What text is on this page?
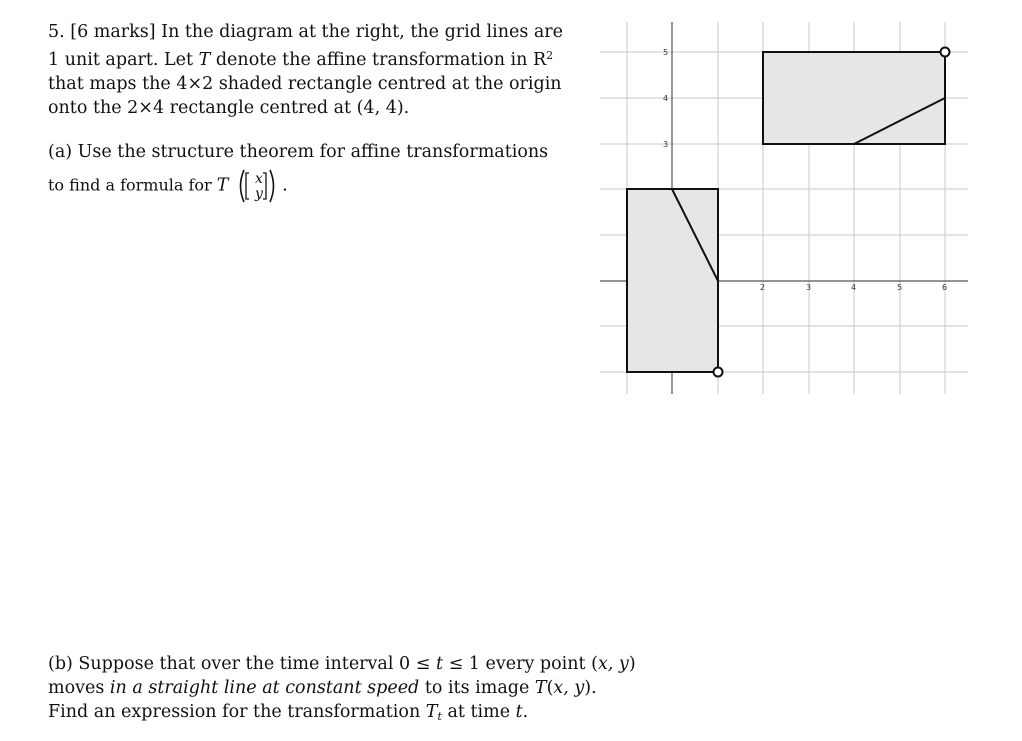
5. [6 marks] In the diagram at the right, the grid lines are
1 unit apart. Let T denote the affine transformation in $R^2$
that maps the 4×2 shaded rectangle centred at the origin
onto the 2×4 rectangle centred at (4, 4).
(a) Use the structure theorem for affine transformations
to find a formula for T x
y .
(b) Suppose that over the time interval 0 ≤ t ≤ 1 every point (x, y)
moves in a straight line at constant speed to its image T(x, y).
Find an expression for the transformation $T_t$ at time t.
2	3	4	5	6
5
4
3
